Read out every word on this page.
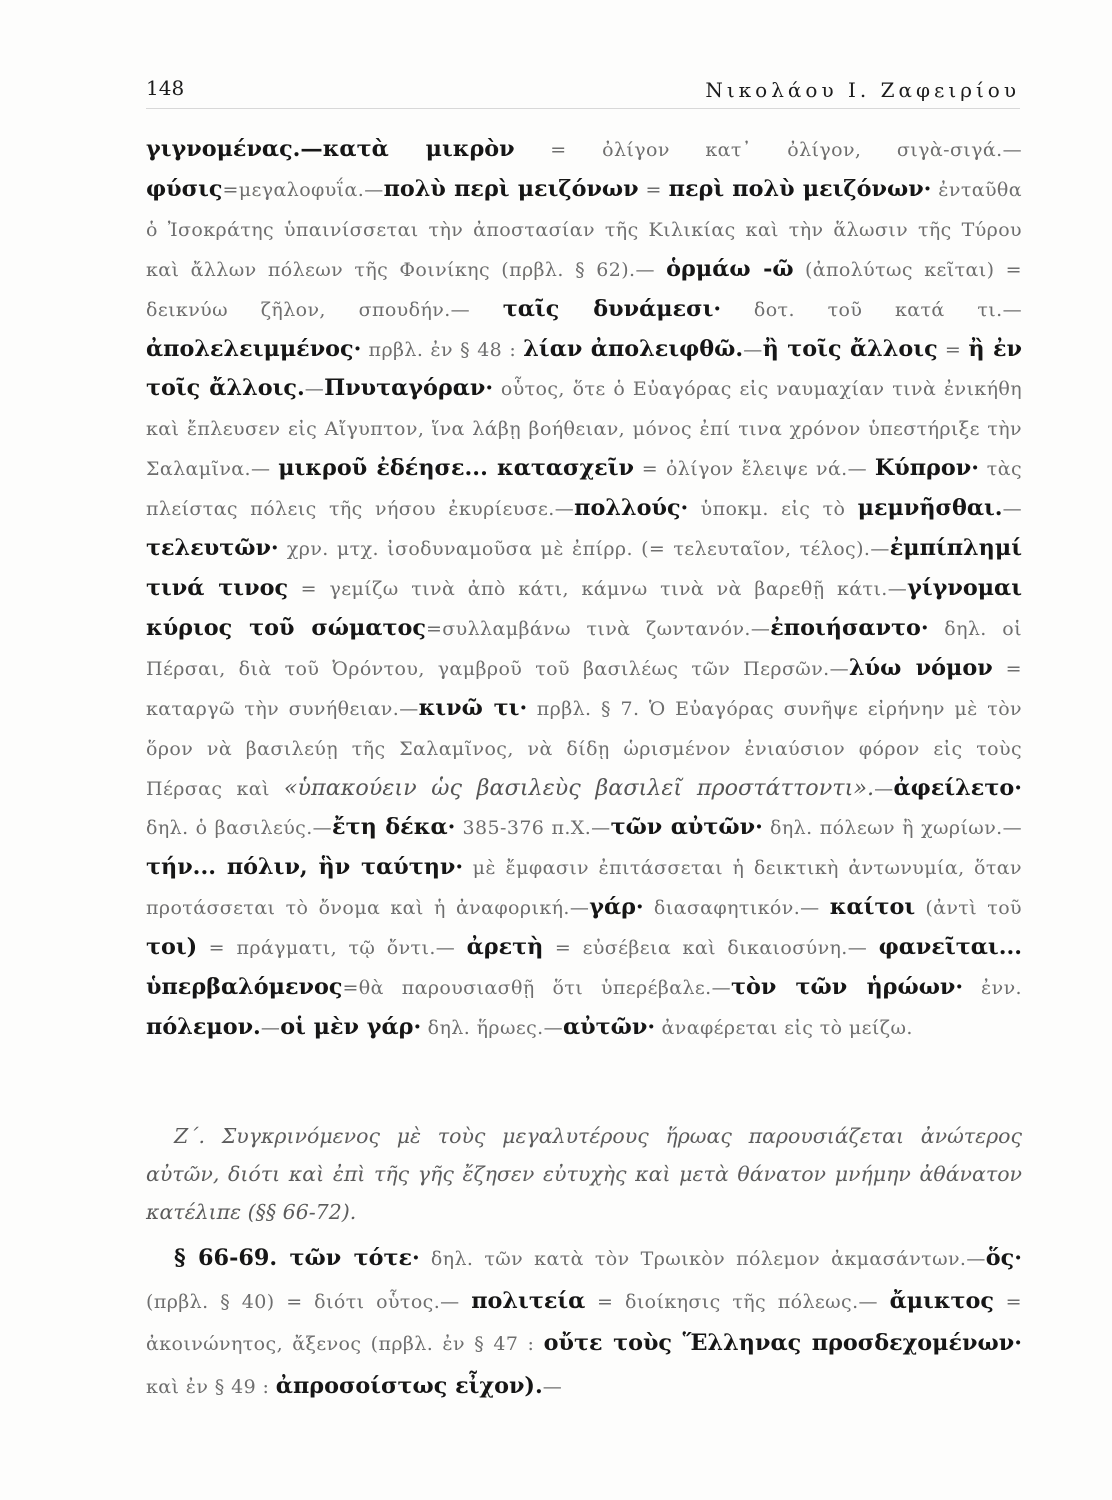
148	Νικολάου Ι. Ζαφειρίου

γιγνομένας.—κατὰ μικρὸν = ὀλίγον κατ᾿ ὀλίγον, σιγὰ-σιγά.—φύσις=μεγαλοφυΐα.—πολὺ περὶ μειζόνων = περὶ πολὺ μειζόνων· ἐνταῦθα ὁ Ἰσοκράτης ὑπαινίσσεται τὴν ἀποστασίαν τῆς Κιλικίας καὶ τὴν ἅλωσιν τῆς Τύρου καὶ ἄλλων πόλεων τῆς Φοινίκης (πρβλ. § 62).— ὁρμάω -ῶ (ἀπολύτως κεῖται) = δεικνύω ζῆλον, σπουδήν.— ταῖς δυνάμεσι· δοτ. τοῦ κατά τι.— ἀπολελειμμένος· πρβλ. ἐν § 48 : λίαν ἀπολειφθῶ.—ἢ τοῖς ἄλλοις = ἢ ἐν τοῖς ἄλλοις.—Πνυταγόραν· οὗτος, ὅτε ὁ Εὐαγόρας εἰς ναυμαχίαν τινὰ ἐνικήθη καὶ ἔπλευσεν εἰς Αἴγυπτον, ἵνα λάβῃ βοήθειαν, μόνος ἐπί τινα χρόνον ὑπεστήριξε τὴν Σαλαμῖνα.— μικροῦ ἐδέησε... κατασχεῖν = ὀλίγον ἔλειψε νά.— Κύπρον· τὰς πλείστας πόλεις τῆς νήσου ἐκυρίευσε.—πολλούς· ὑποκμ. εἰς τὸ μεμνῆσθαι.—τελευτῶν· χρν. μτχ. ἰσοδυναμοῦσα μὲ ἐπίρρ. (= τελευταῖον, τέλος).—ἐμπίπλημί τινά τινος = γεμίζω τινὰ ἀπὸ κάτι, κάμνω τινὰ νὰ βαρεθῇ κάτι.—γίγνομαι κύριος τοῦ σώματος=συλλαμβάνω τινὰ ζωντανόν.—ἐποιήσαντο· δηλ. οἱ Πέρσαι, διὰ τοῦ Ὀρόντου, γαμβροῦ τοῦ βασιλέως τῶν Περσῶν.—λύω νόμον = καταργῶ τὴν συνήθειαν.—κινῶ τι· πρβλ. § 7. Ὁ Εὐαγόρας συνῆψε εἰρήνην μὲ τὸν ὅρον νὰ βασιλεύῃ τῆς Σαλαμῖνος, νὰ δίδῃ ὡρισμένον ἐνιαύσιον φόρον εἰς τοὺς Πέρσας καὶ «ὑπακούειν ὡς βασιλεὺς βασιλεῖ προστάττοντι».—ἀφείλετο· δηλ. ὁ βασιλεύς.—ἔτη δέκα· 385-376 π.Χ.—τῶν αὐτῶν· δηλ. πόλεων ἢ χωρίων.— τήν... πόλιν, ἣν ταύτην· μὲ ἔμφασιν ἐπιτάσσεται ἡ δεικτικὴ ἀντωνυμία, ὅταν προτάσσεται τὸ ὄνομα καὶ ἡ ἀναφορική.—γάρ· διασαφητικόν.— καίτοι (ἀντὶ τοῦ τοι) = πράγματι, τῷ ὄντι.— ἀρετὴ = εὐσέβεια καὶ δικαιοσύνη.— φανεῖται... ὑπερβαλόμενος=θὰ παρουσιασθῇ ὅτι ὑπερέβαλε.—τὸν τῶν ἡρώων· ἐνν. πόλεμον.—οἱ μὲν γάρ· δηλ. ἥρωες.—αὐτῶν· ἀναφέρεται εἰς τὸ μείζω.

Ζ´. Συγκρινόμενος μὲ τοὺς μεγαλυτέρους ἥρωας παρουσιάζεται ἀνώτερος αὐτῶν, διότι καὶ ἐπὶ τῆς γῆς ἔζησεν εὐτυχὴς καὶ μετὰ θάνατον μνήμην ἀθάνατον κατέλιπε (§§ 66-72).
§ 66-69. τῶν τότε· δηλ. τῶν κατὰ τὸν Τρωικὸν πόλεμον ἀκμασάντων.—ὅς· (πρβλ. § 40) = διότι οὗτος.— πολιτεία = διοίκησις τῆς πόλεως.— ἄμικτος = ἀκοινώνητος, ἄξενος (πρβλ. ἐν § 47 : οὔτε τοὺς Ἕλληνας προσδεχομένων· καὶ ἐν § 49 : ἀπροσοίστως εἶχον).—
